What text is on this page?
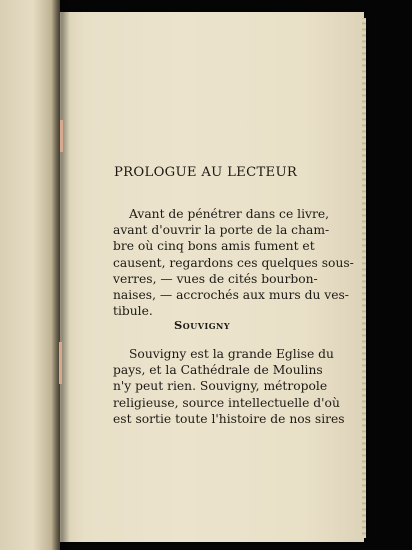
PROLOGUE AU LECTEUR
Avant de pénétrer dans ce livre,
avant d'ouvrir la porte de la cham-
bre où cinq bons amis fument et
causent, regardons ces quelques sous-
verres, — vues de cités bourbon-
naises, — accrochés aux murs du ves-
tibule.
Souvigny
Souvigny est la grande Eglise du
pays, et la Cathédrale de Moulins
n'y peut rien. Souvigny, métropole
religieuse, source intellectuelle d'où
est sortie toute l'histoire de nos sires
